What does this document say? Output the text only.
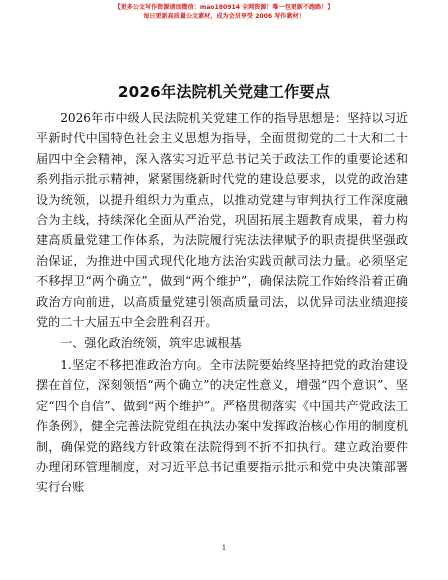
【更多公文写作资源请加微信：mao180914 全网资源！唯一包更新不跑路！】
每日更新高质量公文素材，成为会员享受 2006 写作素材！
2026年法院机关党建工作要点

2026年市中级人民法院机关党建工作的指导思想是：坚持以习近平新时代中国特色社会主义思想为指导，全面贯彻党的二十大和二十届四中全会精神，深入落实习近平总书记关于政法工作的重要论述和系列指示批示精神，紧紧围绕新时代党的建设总要求，以党的政治建设为统领，以提升组织力为重点，以推动党建与审判执行工作深度融合为主线，持续深化全面从严治党，巩固拓展主题教育成果，着力构建高质量党建工作体系，为法院履行宪法法律赋予的职责提供坚强政治保证，为推进中国式现代化地方法治实践贡献司法力量。必须坚定不移捍卫“两个确立”，做到“两个维护”，确保法院工作始终沿着正确政治方向前进，以高质量党建引领高质量司法，以优异司法业绩迎接党的二十大届五中全会胜利召开。

一、强化政治统领，筑牢忠诚根基

1.坚定不移把准政治方向。全市法院要始终坚持把党的政治建设摆在首位，深刻领悟“两个确立”的决定性意义，增强“四个意识”、坚定“四个自信”、做到“两个维护”。严格贯彻落实《中国共产党政法工作条例》，健全完善法院党组在执法办案中发挥政治核心作用的制度机制，确保党的路线方针政策在法院得到不折不扣执行。建立政治要件办理闭环管理制度，对习近平总书记重要指示批示和党中央决策部署实行台账

1
